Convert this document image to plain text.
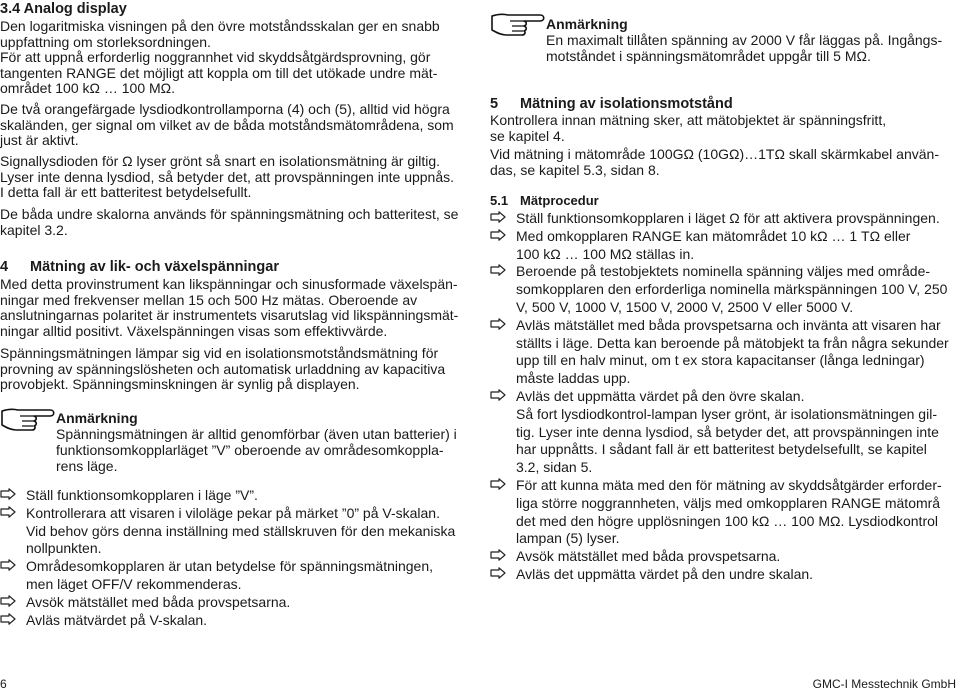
3.4 Analog display

Den logaritmiska visningen på den övre motståndsskalan ger en snabb
uppfattning om storleksordningen.
För att uppnå erforderlig noggrannhet vid skyddsåtgärdsprovning, gör
tangenten RANGE det möjligt att koppla om till det utökade undre mät-
området 100 kΩ … 100 MΩ.

De två orangefärgade lysdiodkontrollamporna (4) och (5), alltid vid högra
skaländen, ger signal om vilket av de båda motståndsmätområdena, som
just är aktivt.

Signallysdioden för Ω lyser grönt så snart en isolationsmätning är giltig.
Lyser inte denna lysdiod, så betyder det, att provspänningen inte uppnås.
I detta fall är ett batteritest betydelsefullt.

De båda undre skalorna används för spänningsmätning och batteritest, se
kapitel 3.2.

4 Mätning av lik- och växelspänningar

Med detta provinstrument kan likspänningar och sinusformade växelspän-
ningar med frekvenser mellan 15 och 500 Hz mätas. Oberoende av
anslutningarnas polaritet är instrumentets visarutslag vid likspänningsmät-
ningar alltid positivt. Växelspänningen visas som effektivvärde.

Spänningsmätningen lämpar sig vid en isolationsmotståndsmätning för
provning av spänningslösheten och automatisk urladdning av kapacitiva
provobjekt. Spänningsminskningen är synlig på displayen.

Anmärkning
Spänningsmätningen är alltid genomförbar (även utan batterier) i
funktionsomkopplarläget ”V” oberoende av områdesomkoppla-
rens läge.
Ställ funktionsomkopplaren i läge ”V”.
Kontrollerara att visaren i viloläge pekar på märket ”0” på V-skalan.
Vid behov görs denna inställning med ställskruven för den mekaniska
nollpunkten.
Områdesomkopplaren är utan betydelse för spänningsmätningen,
men läget OFF/V rekommenderas.
Avsök mätstället med båda provspetsarna.
Avläs mätvärdet på V-skalan.
Anmärkning
En maximalt tillåten spänning av 2000 V får läggas på. Ingångs-
motståndet i spänningsmätområdet uppgår till 5 MΩ.
5 Mätning av isolationsmotstånd

Kontrollera innan mätning sker, att mätobjektet är spänningsfritt,
se kapitel 4.

Vid mätning i mätområde 100GΩ (10GΩ)…1TΩ skall skärmkabel använ-
das, se kapitel 5.3, sidan 8.

5.1 Mätprocedur
Ställ funktionsomkopplaren i läget Ω för att aktivera provspänningen.
Med omkopplaren RANGE kan mätområdet 10 kΩ … 1 TΩ eller
100 kΩ … 100 MΩ ställas in.
Beroende på testobjektets nominella spänning väljes med område-
somkopplaren den erforderliga nominella märkspänningen 100 V, 250
V, 500 V, 1000 V, 1500 V, 2000 V, 2500 V eller 5000 V.
Avläs mätstället med båda provspetsarna och invänta att visaren har
ställts i läge. Detta kan beroende på mätobjekt ta från några sekunder
upp till en halv minut, om t ex stora kapacitanser (långa ledningar)
måste laddas upp.
Avläs det uppmätta värdet på den övre skalan.
Så fort lysdiodkontrol-lampan lyser grönt, är isolationsmätningen gil-
tig. Lyser inte denna lysdiod, så betyder det, att provspänningen inte
har uppnåtts. I sådant fall är ett batteritest betydelsefullt, se kapitel
3.2, sidan 5.
För att kunna mäta med den för mätning av skyddsåtgärder erforder-
liga större noggrannheten, väljs med omkopplaren RANGE mätområ
det med den högre upplösningen 100 kΩ … 100 MΩ. Lysdiodkontrol
lampan (5) lyser.
Avsök mätstället med båda provspetsarna.
Avläs det uppmätta värdet på den undre skalan.
6	GMC-I Messtechnik GmbH
